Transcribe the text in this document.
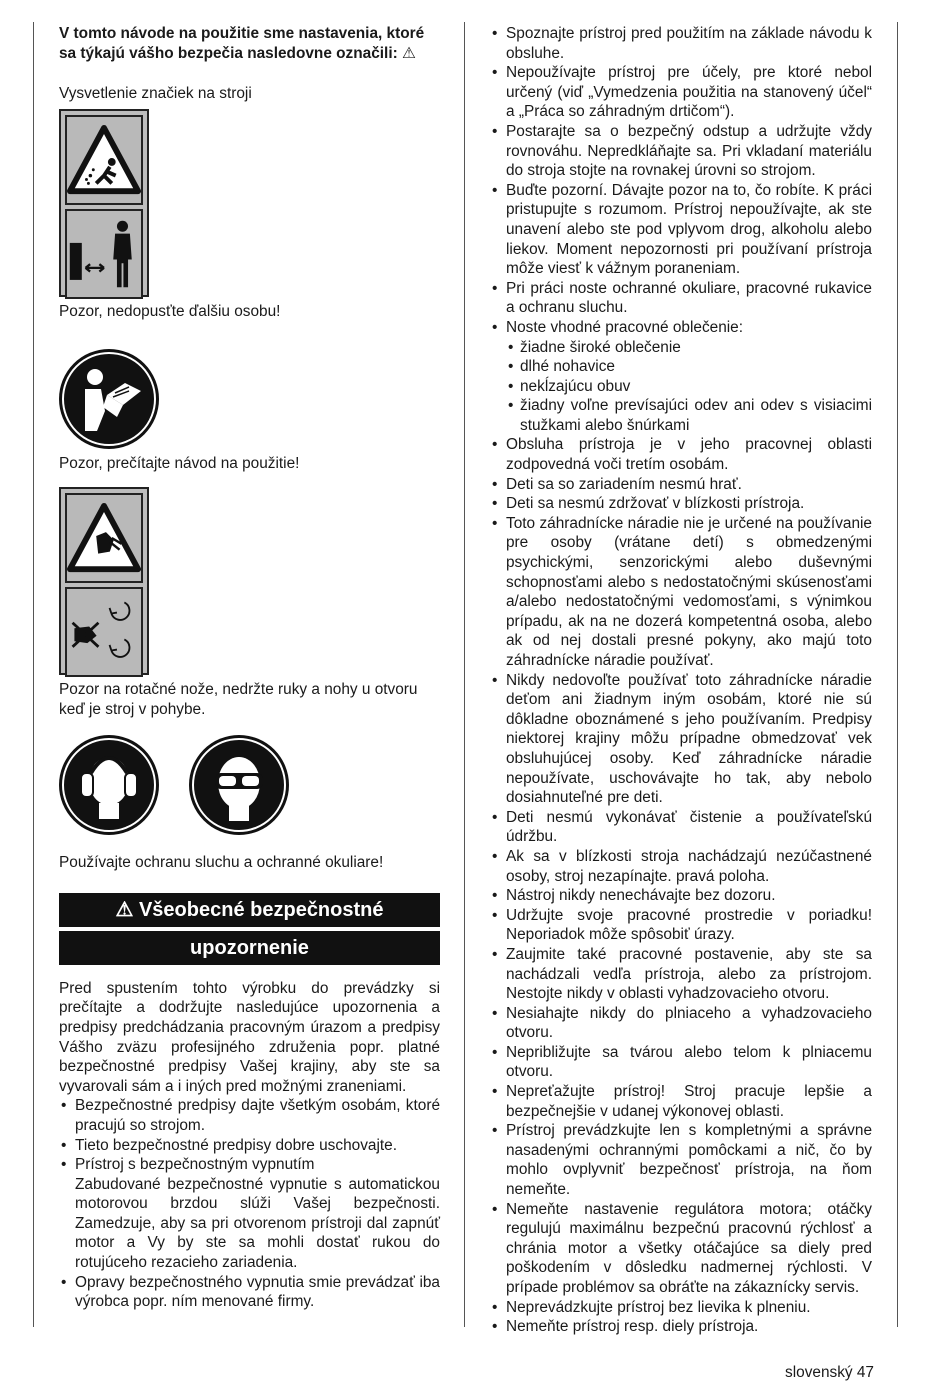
V tomto návode na použitie sme nastavenia, ktoré sa týkajú vášho bezpečia nasledovne označili: ⚠

Vysvetlenie značiek na stroji

Pozor, nedopusťte ďalšiu osobu!

Pozor, prečítajte návod na použitie!

Pozor na rotačné nože, nedržte ruky a nohy u otvoru keď je stroj v pohybe.

Používajte ochranu sluchu a ochranné okuliare!

⚠ Všeobecné bezpečnostné
upozornenie

Pred spustením tohto výrobku do prevádzky si prečítajte a dodržujte nasledujúce upozornenia a predpisy predchádzania pracovným úrazom a predpisy Vášho zväzu profesijného združenia popr. platné bezpečnostné predpisy Vašej krajiny, aby ste sa vyvarovali sám a i iných pred možnými zraneniami.

• Bezpečnostné predpisy dajte všetkým osobám, ktoré pracujú so strojom.
• Tieto bezpečnostné predpisy dobre uschovajte.
• Prístroj s bezpečnostným vypnutím
Zabudované bezpečnostné vypnutie s automatickou motorovou brzdou slúži Vašej bezpečnosti. Zamedzuje, aby sa pri otvorenom prístroji dal zapnúť motor a Vy by ste sa mohli dostať rukou do rotujúceho rezacieho zariadenia.
• Opravy bezpečnostného vypnutia smie prevádzať iba výrobca popr. ním menované firmy.
• Spoznajte prístroj pred použitím na základe návodu k obsluhe.
• Nepoužívajte prístroj pre účely, pre ktoré nebol určený (viď „Vymedzenia použitia na stanovený účel“ a „Práca so záhradným drtičom“).
• Postarajte sa o bezpečný odstup a udržujte vždy rovnováhu. Nepredkláňajte sa. Pri vkladaní materiálu do stroja stojte na rovnakej úrovni so strojom.
• Buďte pozorní. Dávajte pozor na to, čo robíte. K práci pristupujte s rozumom. Prístroj nepoužívajte, ak ste unavení alebo ste pod vplyvom drog, alkoholu alebo liekov. Moment nepozornosti pri používaní prístroja môže viesť k vážnym poraneniam.
• Pri práci noste ochranné okuliare, pracovné rukavice a ochranu sluchu.
• Noste vhodné pracovné oblečenie:
• žiadne široké oblečenie
• dlhé nohavice
• nekĺzajúcu obuv
• žiadny voľne prevísajúci odev ani odev s visiacimi stužkami alebo šnúrkami
• Obsluha prístroja je v jeho pracovnej oblasti zodpovedná voči tretím osobám.
• Deti sa so zariadením nesmú hrať.
• Deti sa nesmú zdržovať v blízkosti prístroja.
• Toto záhradnícke náradie nie je určené na používanie pre osoby (vrátane detí) s obmedzenými psychickými, senzorickými alebo duševnými schopnosťami alebo s nedostatočnými skúsenosťami a/alebo nedostatočnými vedomosťami, s výnimkou prípadu, ak na ne dozerá kompetentná osoba, alebo ak od nej dostali presné pokyny, ako majú toto záhradnícke náradie používať.
• Nikdy nedovoľte používať toto záhradnícke náradie deťom ani žiadnym iným osobám, ktoré nie sú dôkladne oboznámené s jeho používaním. Predpisy niektorej krajiny môžu prípadne obmedzovať vek obsluhujúcej osoby. Keď záhradnícke náradie nepoužívate, uschovávajte ho tak, aby nebolo dosiahnuteľné pre deti.
• Deti nesmú vykonávať čistenie a používateľskú údržbu.
• Ak sa v blízkosti stroja nachádzajú nezúčastnené osoby, stroj nezapínajte. pravá poloha.
• Nástroj nikdy nenechávajte bez dozoru.
• Udržujte svoje pracovné prostredie v poriadku! Neporiadok môže spôsobiť úrazy.
• Zaujmite také pracovné postavenie, aby ste sa nachádzali vedľa prístroja, alebo za prístrojom. Nestojte nikdy v oblasti vyhadzovacieho otvoru.
• Nesiahajte nikdy do plniaceho a vyhadzovacieho otvoru.
• Nepribližujte sa tvárou alebo telom k plniacemu otvoru.
• Nepreťažujte prístroj! Stroj pracuje lepšie a bezpečnejšie v udanej výkonovej oblasti.
• Prístroj prevádzkujte len s kompletnými a správne nasadenými ochrannými pomôckami a nič, čo by mohlo ovplyvniť bezpečnosť prístroja, na ňom nemeňte.
• Nemeňte nastavenie regulátora motora; otáčky regulujú maximálnu bezpečnú pracovnú rýchlosť a chránia motor a všetky otáčajúce sa diely pred poškodením v dôsledku nadmernej rýchlosti. V prípade problémov sa obráťte na zákaznícky servis.
• Neprevádzkujte prístroj bez lievika k plneniu.
• Nemeňte prístroj resp. diely prístroja.
slovenský 47
